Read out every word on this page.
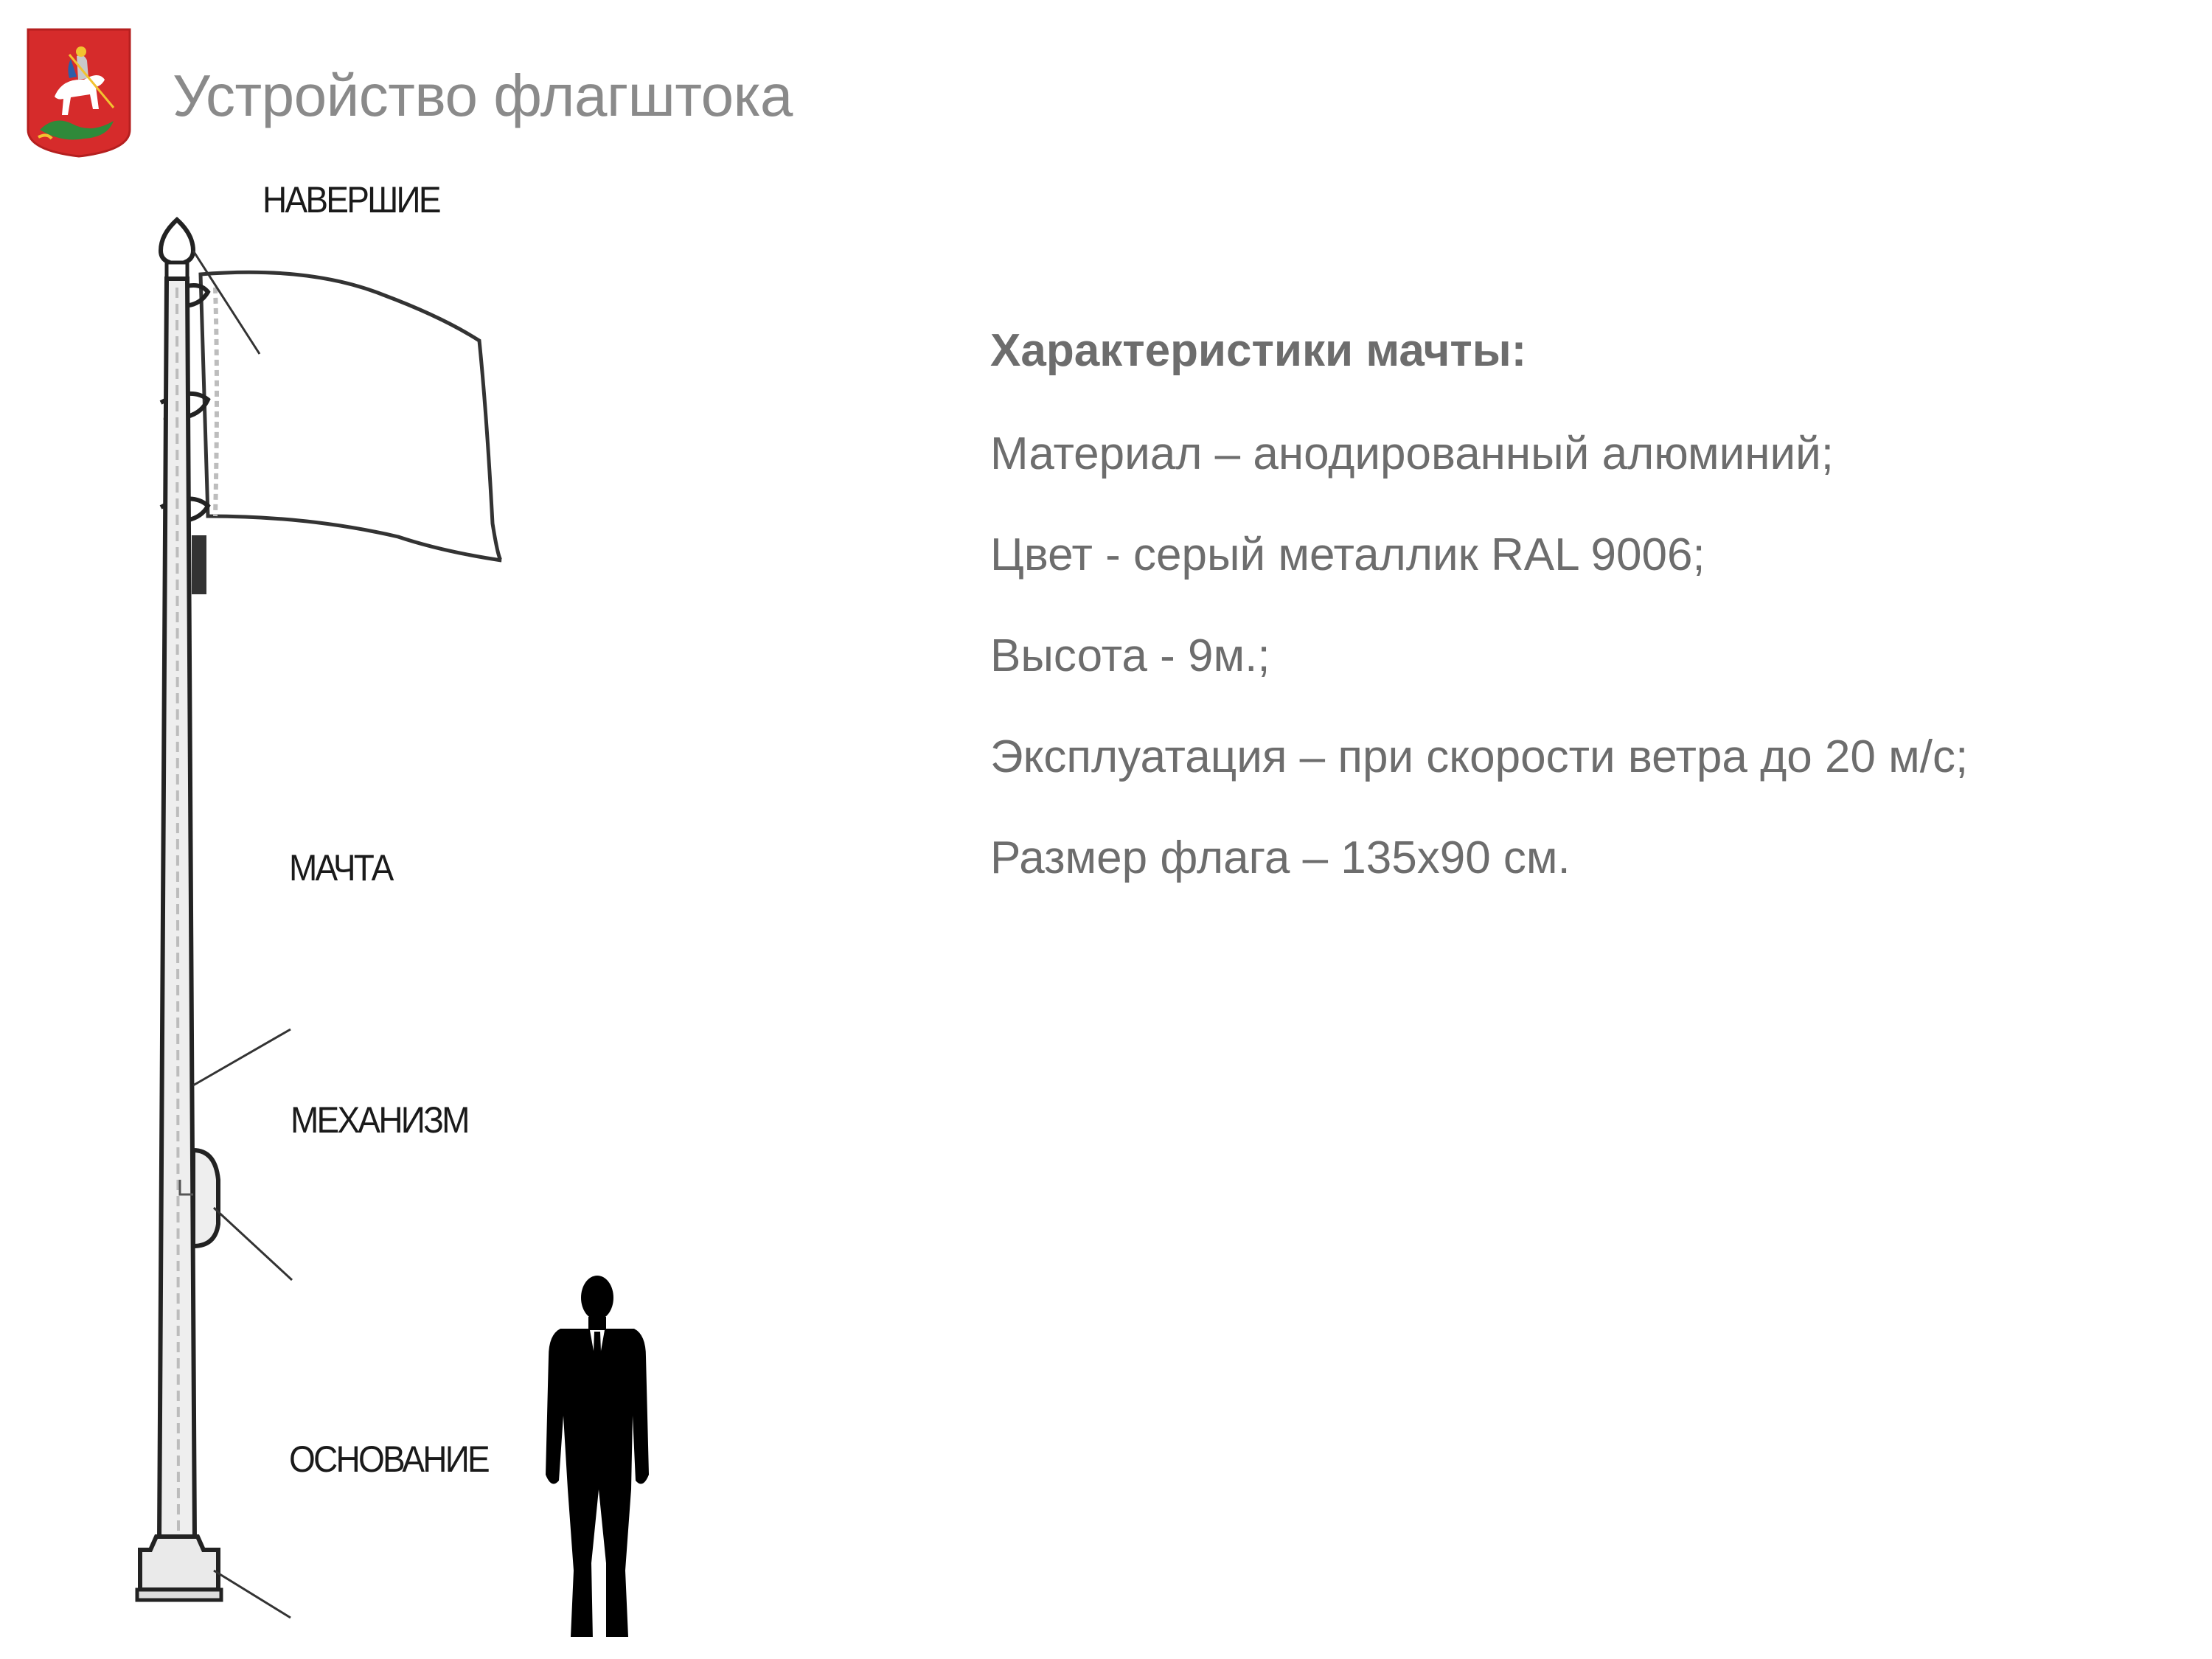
Устройство флагштока
НАВЕРШИЕ
МАЧТА
МЕХАНИЗМ
ОСНОВАНИЕ
Характеристики мачты:
Материал – анодированный алюминий;
Цвет - серый металлик RAL 9006;
Высота - 9м.;
Эксплуатация – при скорости ветра до 20 м/с;
Размер флага – 135х90 см.
